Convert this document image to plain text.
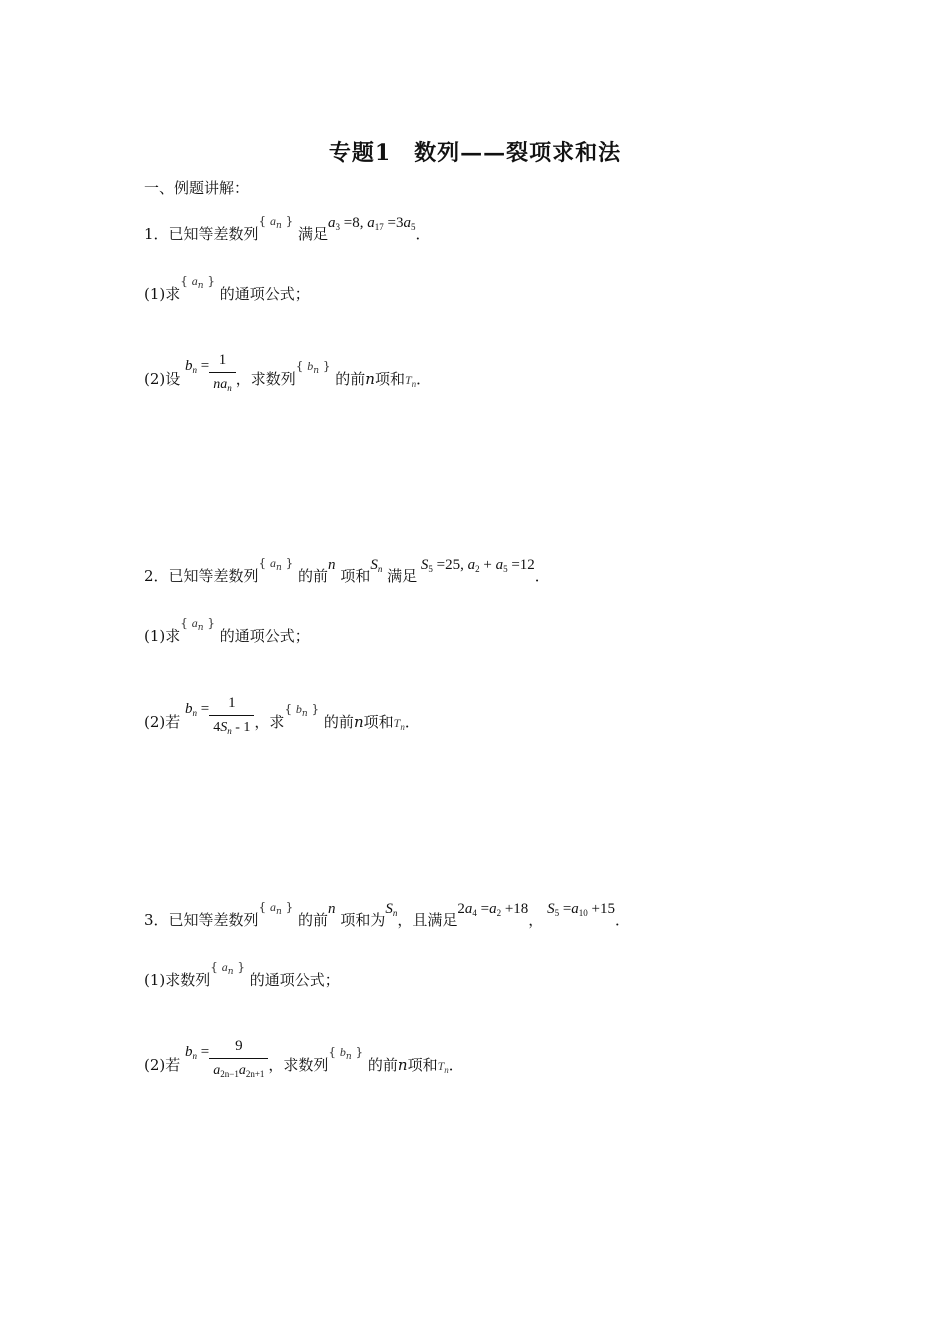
专题1　数列——裂项求和法
一、例题讲解：
1．已知等差数列{ $a_n$ } 满足$a_3 =8$, $a_{17} =3a_5$．
(1)求{ $a_n$ } 的通项公式；
(2)设 $b_n = \frac{1}{na_n}$ ，求数列{ $b_n$ } 的前n项和$T_n$．
2．已知等差数列{ $a_n$ } 的前n 项和$S_n$ 满足 $S_5 =25$, $a_2 + a_5 =12$．
(1)求{ $a_n$ } 的通项公式；
(2)若 $b_n = \frac{1}{4S_n - 1}$ ，求{ $b_n$ } 的前n项和$T_n$．
3．已知等差数列{ $a_n$ } 的前n 项和为$S_n$，且满足$2a_4 =a_2 +18$， $S_5 =a_{10} +15$．
(1)求数列{ $a_n$ } 的通项公式；
(2)若 $b_n = \frac{9}{a_{2n-1}a_{2n+1}}$ ，求数列{ $b_n$ } 的前n项和$T_n$．
